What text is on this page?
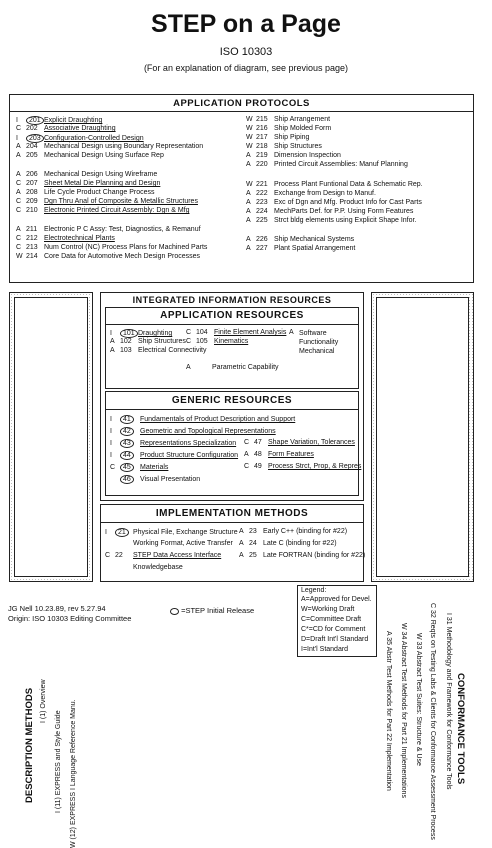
STEP on a Page
ISO 10303
(For an explanation of diagram, see previous page)
APPLICATION PROTOCOLS
I 201 Explicit Draughting
C 202 Associative Draughting
I 203 Configuration-Controlled Design
A 204 Mechanical Design using Boundary Representation
A 205 Mechanical Design Using Surface Rep
A 206 Mechanical Design Using Wireframe
C 207 Sheet Metal Die Planning and Design
A 208 Life Cycle Product Change Process
C 209 Dgn Thru Anal of Composite & Metallic Structures
C 210 Electronic Printed Circuit Assembly: Dgn & Mfg
A 211 Electronic P C Assy: Test, Diagnostics, & Remanuf
C 212 Electrotechnical Plants
C 213 Num Control (NC) Process Plans for Machined Parts
W 214 Core Data for Automotive Mech Design Processes
W 215 Ship Arrangement
W 216 Ship Molded Form
W 217 Ship Piping
W 218 Ship Structures
A 219 Dimension Inspection
A 220 Printed Circuit Assemblies: Manuf Planning
W 221 Process Plant Funtional Data & Schematic Rep.
A 222 Exchange from Design to Manuf.
A 223 Exc of Dgn and Mfg. Product Info for Cast Parts
A 224 MechParts Def. for P.P. Using Form Features
A 225 Strct bldg elements using Explicit Shape Infor.
A 226 Ship Mechanical Systems
A 227 Plant Spatial Arrangement
DESCRIPTION METHODS I (1) Overview
I (11) EXPRESS and Style Guide W (12) EXPRESS I Language Reference Manu.	CONFORMANCE TOOLS
I 31 Methodology and Framework for Conformance Tools
C 32 Reqts on Testing Labs & Clients for Conformance Assessment Process
W 33 Abstract Test Suites: Structure & Use
W 34 Abstract Test Methods for Part 21 Implementations
A 35 Abstr Test Methods for Part 22 Implementation
INTEGRATED INFORMATION RESOURCES
APPLICATION RESOURCES
I 101 Draughting
A 102 Ship Structures
A 103 Electrical Connectivity
C 104 Finite Element Analysis
C 105 Kinematics
A	Parametric Capability
A Software Functionality Mechanical
GENERIC RESOURCES
I 41 Fundamentals of Product Description and Support
I 42 Geometric and Topological Representations
I 43 Representations Specialization
I 44 Product Structure Configuration
C 45 Materials
46 Visual Presentation
C 47 Shape Variation, Tolerances
A 48 Form Features
C 49 Process Strct, Prop, & Repres
IMPLEMENTATION METHODS
I 21 Physical File, Exchange Structure
Working Format, Active Transfer
C 22 STEP Data Access Interface
Knowledgebase
A 23 Early C++ (binding for #22)
A 24 Late C (binding for #22)
A 25 Late FORTRAN (binding for #22)
JG Nell 10.23.89, rev 5.27.94
Origin: ISO 10303 Editing Committee
=STEP Initial Release
Legend:
A=Approved for Devel.
W=Working Draft
C=Committee Draft
C*=CD for Comment
D=Draft Int'l Standard
I=Int'l Standard
